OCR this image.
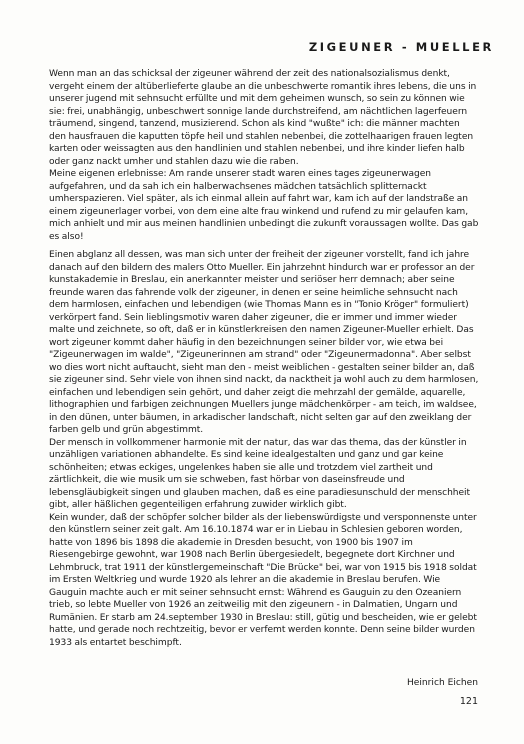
ZIGEUNER - MUELLER

Wenn man an das schicksal der zigeuner während der zeit des nationalsozialismus denkt, vergeht einem der altüberlieferte glaube an die unbeschwerte romantik ihres lebens, die uns in unserer jugend mit sehnsucht erfüllte und mit dem geheimen wunsch, so sein zu können wie sie: frei, unabhängig, unbeschwert sonnige lande durchstreifend, am nächtlichen lagerfeuern träumend, singend, tanzend, musizierend. Schon als kind "wußte" ich: die männer machten den hausfrauen die kaputten töpfe heil und stahlen nebenbei, die zottelhaarigen frauen legten karten oder weissagten aus den handlinien und stahlen nebenbei, und ihre kinder liefen halb oder ganz nackt umher und stahlen dazu wie die raben.

Meine eigenen erlebnisse: Am rande unserer stadt waren eines tages zigeunerwagen aufgefahren, und da sah ich ein halberwachsenes mädchen tatsächlich splitternackt umherspazieren. Viel später, als ich einmal allein auf fahrt war, kam ich auf der landstraße an einem zigeunerlager vorbei, von dem eine alte frau winkend und rufend zu mir gelaufen kam, mich anhielt und mir aus meinen handlinien unbedingt die zukunft voraussagen wollte. Das gab es also!

Einen abglanz all dessen, was man sich unter der freiheit der zigeuner vorstellt, fand ich jahre danach auf den bildern des malers Otto Mueller. Ein jahrzehnt hindurch war er professor an der kunstakademie in Breslau, ein anerkannter meister und seriöser herr demnach; aber seine freunde waren das fahrende volk der zigeuner, in denen er seine heimliche sehnsucht nach dem harmlosen, einfachen und lebendigen (wie Thomas Mann es in "Tonio Kröger" formuliert) verkörpert fand. Sein lieblingsmotiv waren daher zigeuner, die er immer und immer wieder malte und zeichnete, so oft, daß er in künstlerkreisen den namen Zigeuner-Mueller erhielt. Das wort zigeuner kommt daher häufig in den bezeichnungen seiner bilder vor, wie etwa bei "Zigeunerwagen im walde", "Zigeunerinnen am strand" oder "Zigeunermadonna". Aber selbst wo dies wort nicht auftaucht, sieht man den - meist weiblichen - gestalten seiner bilder an, daß sie zigeuner sind. Sehr viele von ihnen sind nackt, da nacktheit ja wohl auch zu dem harmlosen, einfachen und lebendigen sein gehört, und daher zeigt die mehrzahl der gemälde, aquarelle, lithographien und farbigen zeichnungen Muellers junge mädchenkörper - am teich, im waldsee, in den dünen, unter bäumen, in arkadischer landschaft, nicht selten gar auf den zweiklang der farben gelb und grün abgestimmt.

Der mensch in vollkommener harmonie mit der natur, das war das thema, das der künstler in unzähligen variationen abhandelte. Es sind keine idealgestalten und ganz und gar keine schönheiten; etwas eckiges, ungelenkes haben sie alle und trotzdem viel zartheit und zärtlichkeit, die wie musik um sie schweben, fast hörbar von daseinsfreude und lebensgläubigkeit singen und glauben machen, daß es eine paradiesunschuld der menschheit gibt, aller häßlichen gegenteiligen erfahrung zuwider wirklich gibt.

Kein wunder, daß der schöpfer solcher bilder als der liebenswürdigste und versponnenste unter den künstlern seiner zeit galt. Am 16.10.1874 war er in Liebau in Schlesien geboren worden, hatte von 1896 bis 1898 die akademie in Dresden besucht, von 1900 bis 1907 im Riesengebirge gewohnt, war 1908 nach Berlin übergesiedelt, begegnete dort Kirchner und Lehmbruck, trat 1911 der künstlergemeinschaft "Die Brücke" bei, war von 1915 bis 1918 soldat im Ersten Weltkrieg und wurde 1920 als lehrer an die akademie in Breslau berufen. Wie Gauguin machte auch er mit seiner sehnsucht ernst: Während es Gauguin zu den Ozeaniern trieb, so lebte Mueller von 1926 an zeitweilig mit den zigeunern - in Dalmatien, Ungarn und Rumänien. Er starb am 24.september 1930 in Breslau: still, gütig und bescheiden, wie er gelebt hatte, und gerade noch rechtzeitig, bevor er verfemt werden konnte. Denn seine bilder wurden 1933 als entartet beschimpft.

Heinrich Eichen
121
